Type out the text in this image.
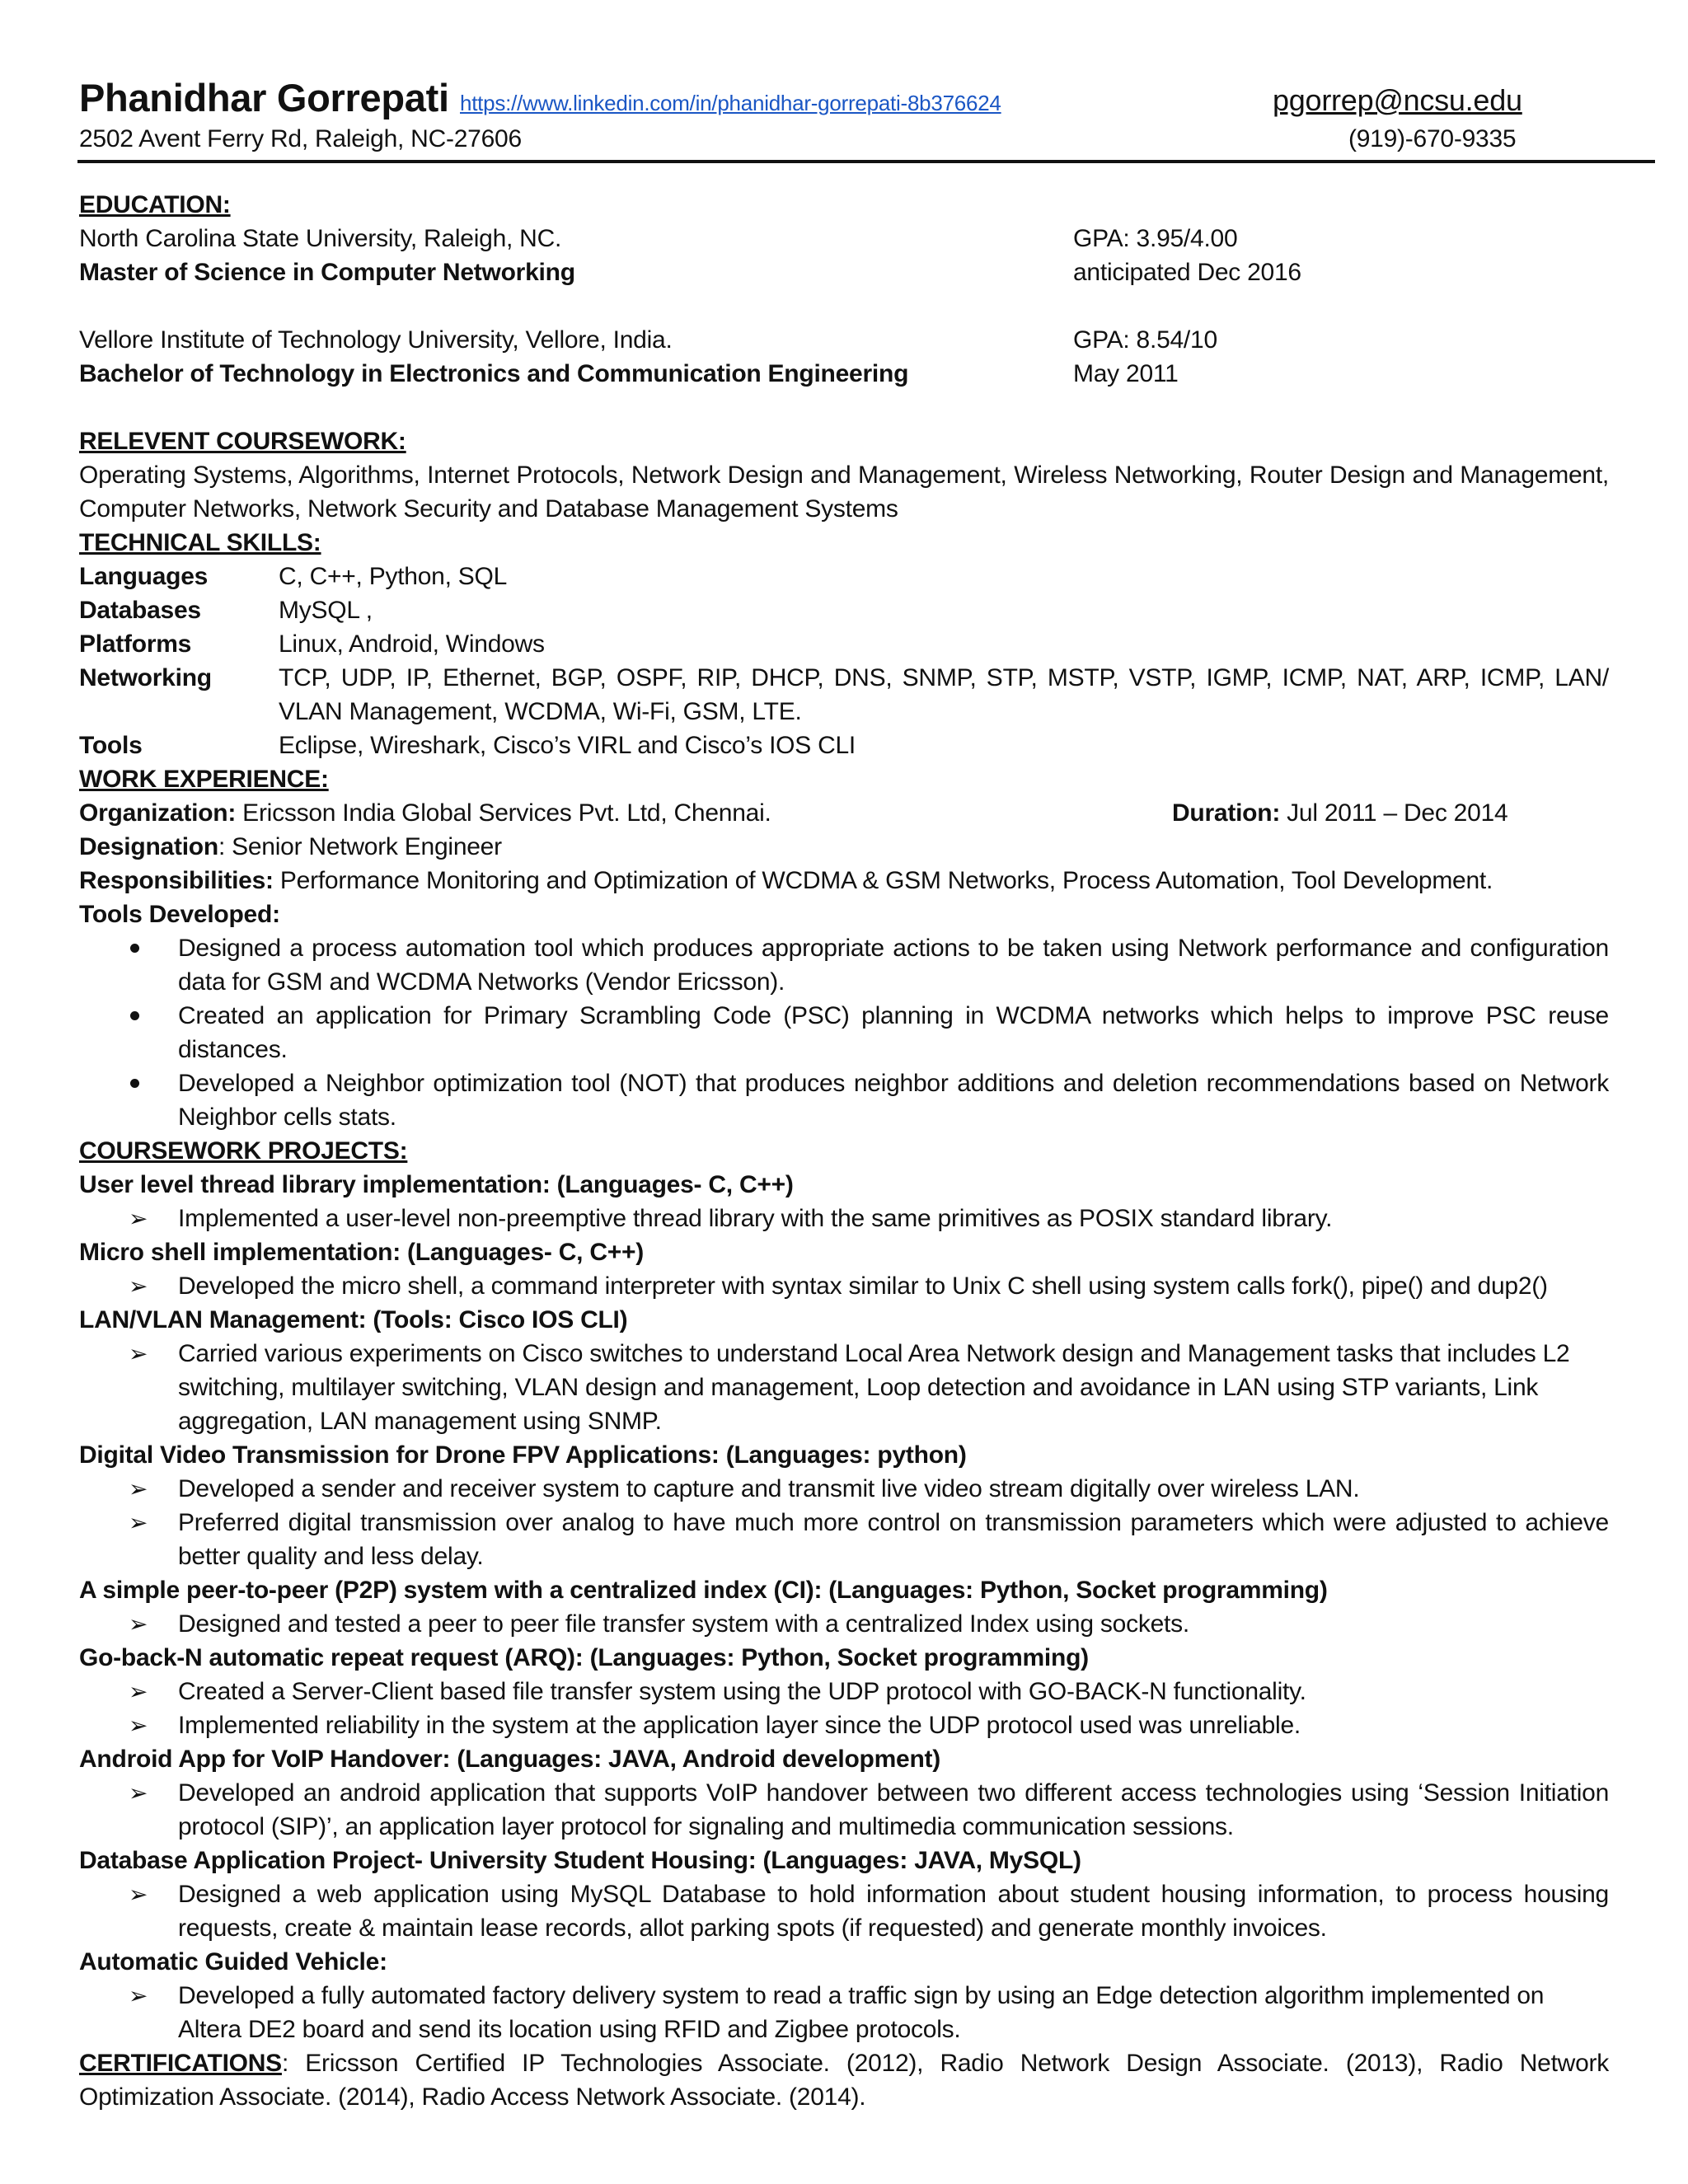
Phanidhar Gorrepati https://www.linkedin.com/in/phanidhar-gorrepati-8b376624	pgorrep@ncsu.edu
2502 Avent Ferry Rd, Raleigh, NC-27606	(919)-670-9335
EDUCATION:
North Carolina State University, Raleigh, NC.	GPA: 3.95/4.00
Master of Science in Computer Networking	anticipated Dec 2016
Vellore Institute of Technology University, Vellore, India.	GPA: 8.54/10
Bachelor of Technology in Electronics and Communication Engineering	May 2011
RELEVENT COURSEWORK:
Operating Systems, Algorithms, Internet Protocols, Network Design and Management, Wireless Networking, Router Design and Management, Computer Networks, Network Security and Database Management Systems
TECHNICAL SKILLS:
Languages	C, C++, Python, SQL
Databases	MySQL ,
Platforms	Linux, Android, Windows
Networking	TCP, UDP, IP, Ethernet, BGP, OSPF, RIP, DHCP, DNS, SNMP, STP, MSTP, VSTP, IGMP, ICMP, NAT, ARP, ICMP, LAN/ VLAN Management, WCDMA, Wi-Fi, GSM, LTE.
Tools	Eclipse, Wireshark, Cisco’s VIRL and Cisco’s IOS CLI
WORK EXPERIENCE:
Organization: Ericsson India Global Services Pvt. Ltd, Chennai.	Duration: Jul 2011 – Dec 2014
Designation: Senior Network Engineer
Responsibilities: Performance Monitoring and Optimization of WCDMA & GSM Networks, Process Automation, Tool Development.
Tools Developed:
Designed a process automation tool which produces appropriate actions to be taken using Network performance and configuration data for GSM and WCDMA Networks (Vendor Ericsson).
Created an application for Primary Scrambling Code (PSC) planning in WCDMA networks which helps to improve PSC reuse distances.
Developed a Neighbor optimization tool (NOT) that produces neighbor additions and deletion recommendations based on Network Neighbor cells stats.
COURSEWORK PROJECTS:
User level thread library implementation: (Languages- C, C++)
➢ Implemented a user-level non-preemptive thread library with the same primitives as POSIX standard library.
Micro shell implementation: (Languages- C, C++)
➢ Developed the micro shell, a command interpreter with syntax similar to Unix C shell using system calls fork(), pipe() and dup2()
LAN/VLAN Management: (Tools: Cisco IOS CLI)
➢ Carried various experiments on Cisco switches to understand Local Area Network design and Management tasks that includes L2 switching, multilayer switching, VLAN design and management, Loop detection and avoidance in LAN using STP variants, Link aggregation, LAN management using SNMP.
Digital Video Transmission for Drone FPV Applications: (Languages: python)
➢ Developed a sender and receiver system to capture and transmit live video stream digitally over wireless LAN.
➢ Preferred digital transmission over analog to have much more control on transmission parameters which were adjusted to achieve better quality and less delay.
A simple peer-to-peer (P2P) system with a centralized index (CI): (Languages: Python, Socket programming)
➢ Designed and tested a peer to peer file transfer system with a centralized Index using sockets.
Go-back-N automatic repeat request (ARQ): (Languages: Python, Socket programming)
➢ Created a Server-Client based file transfer system using the UDP protocol with GO-BACK-N functionality.
➢ Implemented reliability in the system at the application layer since the UDP protocol used was unreliable.
Android App for VoIP Handover: (Languages: JAVA, Android development)
➢ Developed an android application that supports VoIP handover between two different access technologies using ‘Session Initiation protocol (SIP)’, an application layer protocol for signaling and multimedia communication sessions.
Database Application Project- University Student Housing: (Languages: JAVA, MySQL)
➢ Designed a web application using MySQL Database to hold information about student housing information, to process housing requests, create & maintain lease records, allot parking spots (if requested) and generate monthly invoices.
Automatic Guided Vehicle:
➢ Developed a fully automated factory delivery system to read a traffic sign by using an Edge detection algorithm implemented on Altera DE2 board and send its location using RFID and Zigbee protocols.
CERTIFICATIONS: Ericsson Certified IP Technologies Associate. (2012), Radio Network Design Associate. (2013), Radio Network Optimization Associate. (2014), Radio Access Network Associate. (2014).
